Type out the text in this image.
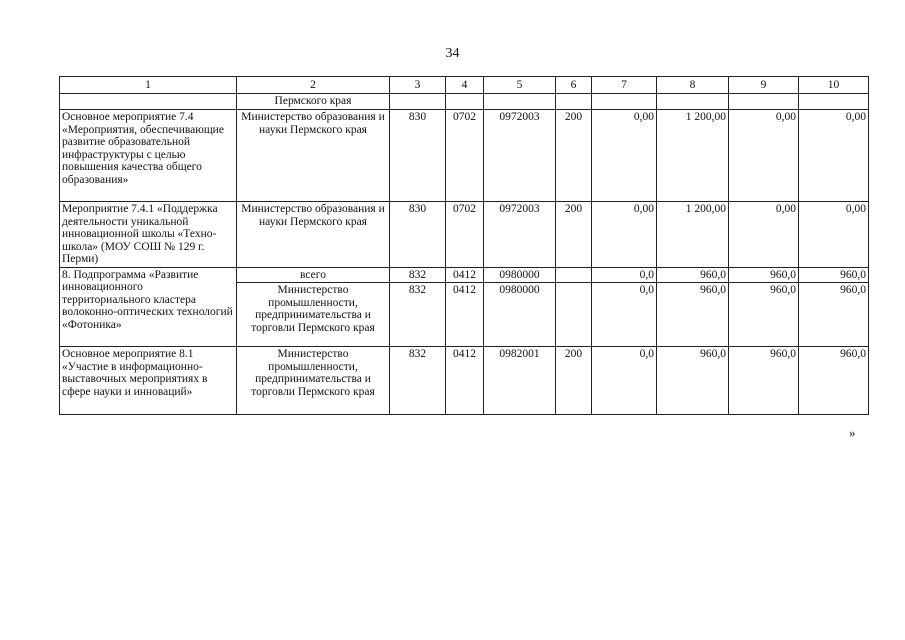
34
1	2	3	4	5	6	7	8	9	10
	Пермского края								
Основное мероприятие 7.4 «Мероприятия, обеспечивающие развитие образовательной инфраструктуры с целью повышения качества общего образования»	Министерство образования и науки Пермского края	830	0702	0972003	200	0,00	1 200,00	0,00	0,00
Мероприятие 7.4.1 «Поддержка деятельности уникальной инновационной школы «Техно-школа» (МОУ СОШ № 129 г. Перми)	Министерство образования и науки Пермского края	830	0702	0972003	200	0,00	1 200,00	0,00	0,00
8. Подпрограмма «Развитие инновационного территориального кластера волоконно-оптических технологий «Фотоника»	всего	832	0412	0980000		0,0	960,0	960,0	960,0
	Министерство промышленности, предпринимательства и торговли Пермского края	832	0412	0980000		0,0	960,0	960,0	960,0
Основное мероприятие 8.1 «Участие в информационно-выставочных мероприятиях в сфере науки и инноваций»	Министерство промышленности, предпринимательства и торговли Пермского края	832	0412	0982001	200	0,0	960,0	960,0	960,0
»
